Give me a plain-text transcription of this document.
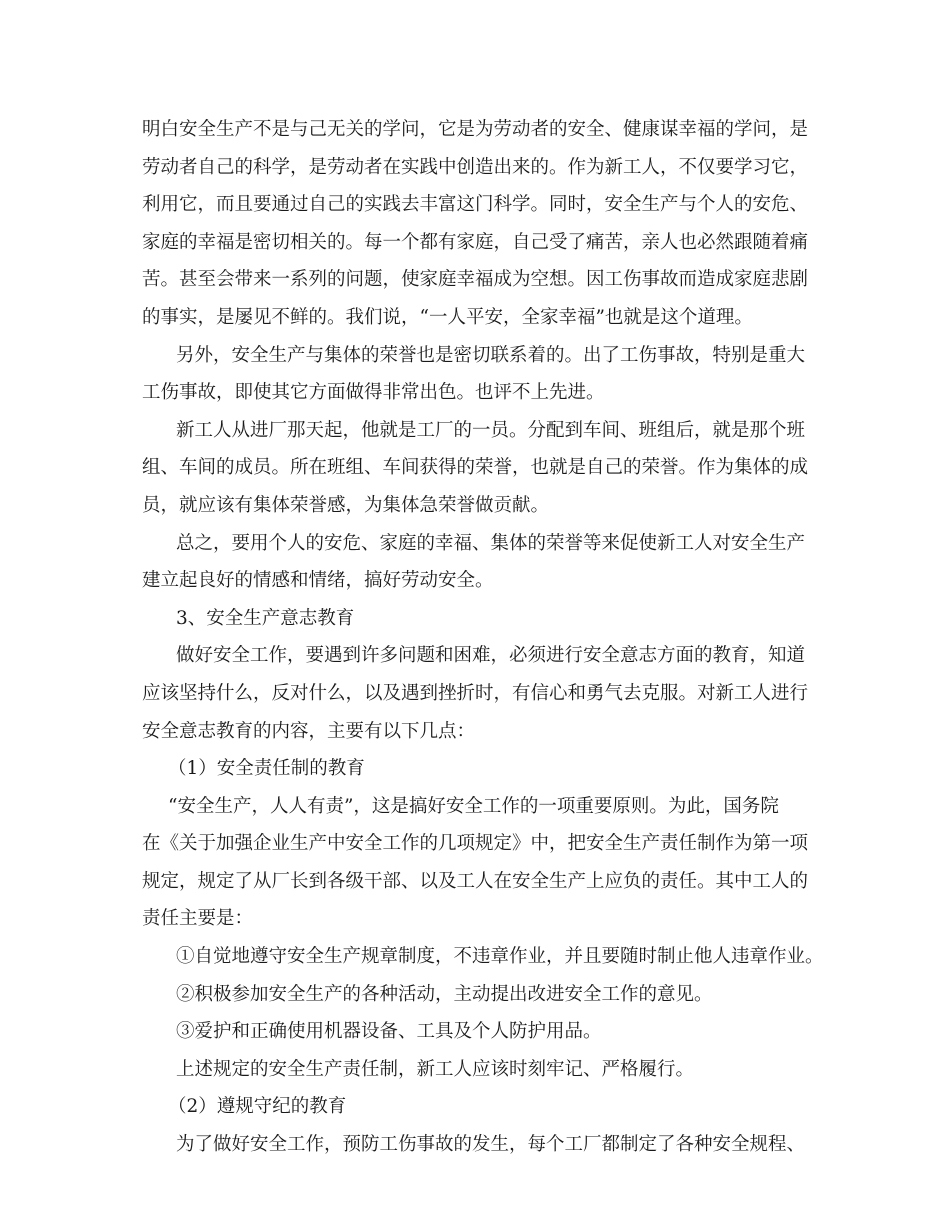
明白安全生产不是与己无关的学问，它是为劳动者的安全、健康谋幸福的学问，是
劳动者自己的科学，是劳动者在实践中创造出来的。作为新工人，不仅要学习它，
利用它，而且要通过自己的实践去丰富这门科学。同时，安全生产与个人的安危、
家庭的幸福是密切相关的。每一个都有家庭，自己受了痛苦，亲人也必然跟随着痛
苦。甚至会带来一系列的问题，使家庭幸福成为空想。因工伤事故而造成家庭悲剧
的事实，是屡见不鲜的。我们说，“一人平安，全家幸福”也就是这个道理。
另外，安全生产与集体的荣誉也是密切联系着的。出了工伤事故，特别是重大
工伤事故，即使其它方面做得非常出色。也评不上先进。
新工人从进厂那天起，他就是工厂的一员。分配到车间、班组后，就是那个班
组、车间的成员。所在班组、车间获得的荣誉，也就是自己的荣誉。作为集体的成
员，就应该有集体荣誉感，为集体急荣誉做贡献。
总之，要用个人的安危、家庭的幸福、集体的荣誉等来促使新工人对安全生产
建立起良好的情感和情绪，搞好劳动安全。
3、安全生产意志教育
做好安全工作，要遇到许多问题和困难，必须进行安全意志方面的教育，知道
应该坚持什么，反对什么，以及遇到挫折时，有信心和勇气去克服。对新工人进行
安全意志教育的内容，主要有以下几点：
（1）安全责任制的教育
“安全生产，人人有责”，这是搞好安全工作的一项重要原则。为此，国务院
在《关于加强企业生产中安全工作的几项规定》中，把安全生产责任制作为第一项
规定，规定了从厂长到各级干部、以及工人在安全生产上应负的责任。其中工人的
责任主要是：
①自觉地遵守安全生产规章制度，不违章作业，并且要随时制止他人违章作业。
②积极参加安全生产的各种活动，主动提出改进安全工作的意见。
③爱护和正确使用机器设备、工具及个人防护用品。
上述规定的安全生产责任制，新工人应该时刻牢记、严格履行。
（2）遵规守纪的教育
为了做好安全工作，预防工伤事故的发生，每个工厂都制定了各种安全规程、
